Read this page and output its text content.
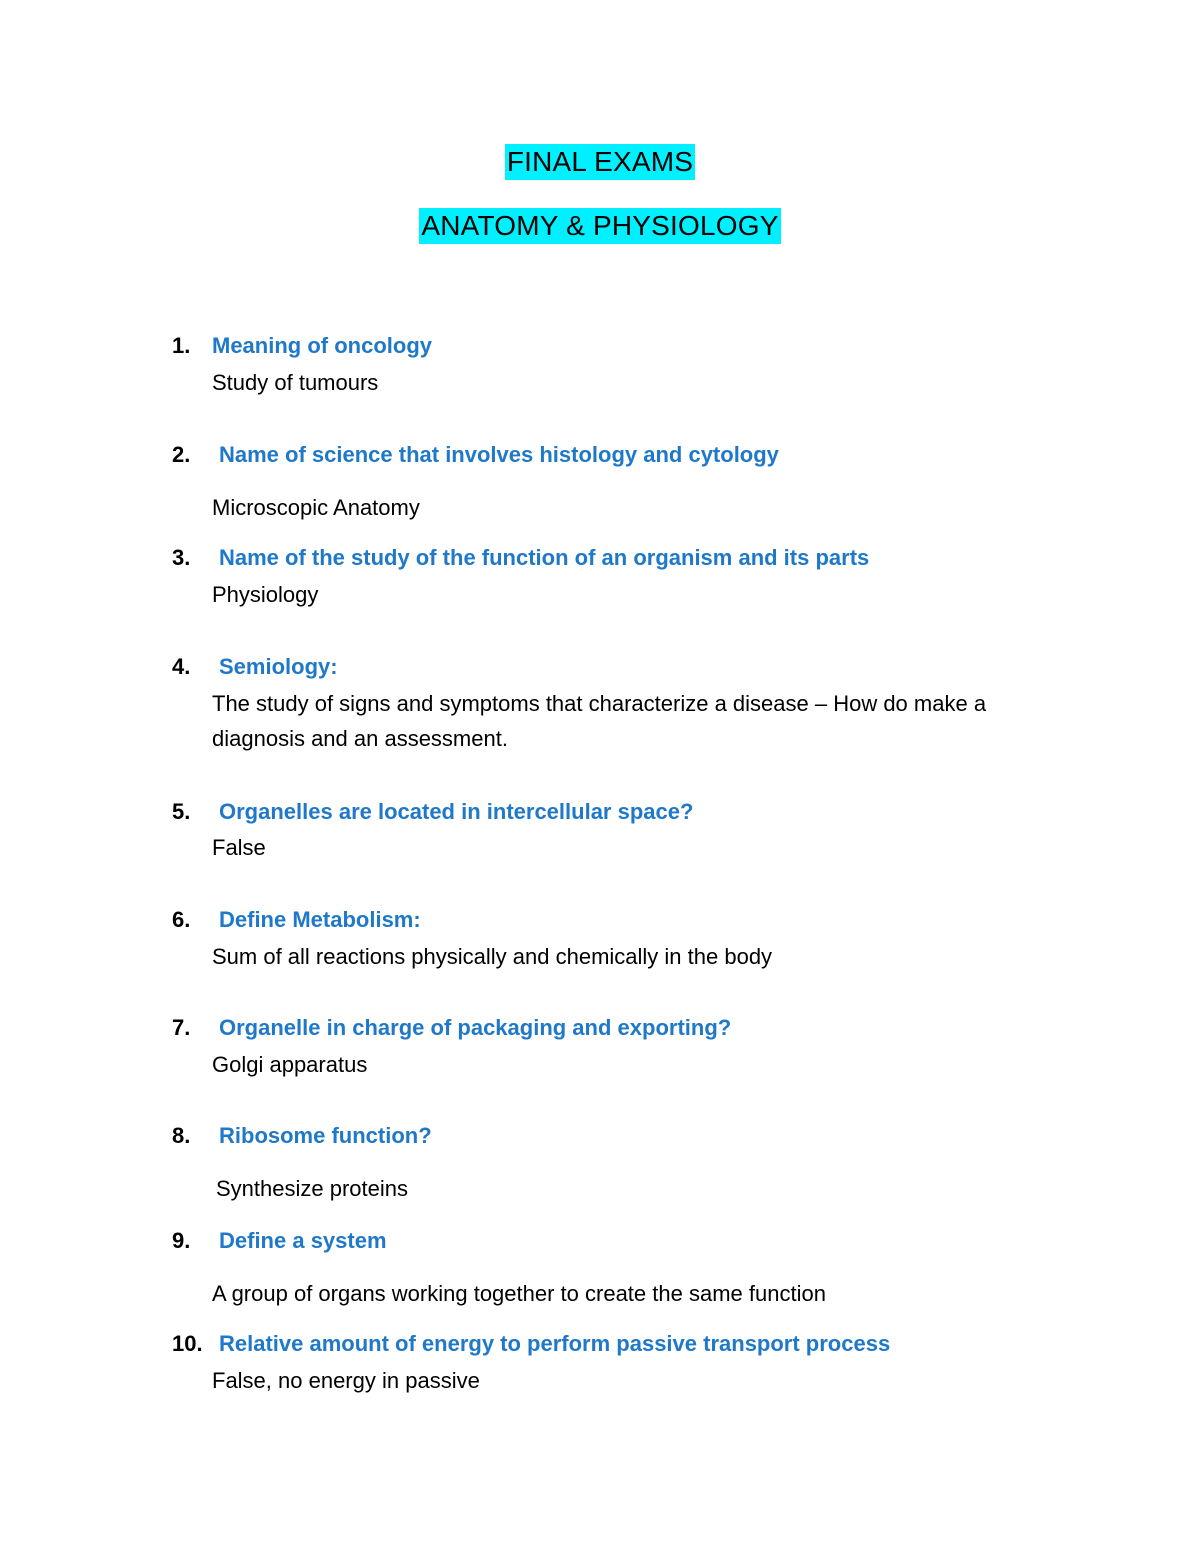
FINAL EXAMS
ANATOMY & PHYSIOLOGY
1. Meaning of oncology
Study of tumours
2.	Name of science that involves histology and cytology
Microscopic Anatomy
3.	Name of the study of the function of an organism and its parts
Physiology
4.	Semiology:
The study of signs and symptoms that characterize a disease – How do make a diagnosis and an assessment.
5.	Organelles are located in intercellular space?
False
6.	Define Metabolism:
Sum of all reactions physically and chemically in the body
7.	Organelle in charge of packaging and exporting?
Golgi apparatus
8.	Ribosome function?
Synthesize proteins
9.	Define a system
A group of organs working together to create the same function
10. Relative amount of energy to perform passive transport process
False, no energy in passive
